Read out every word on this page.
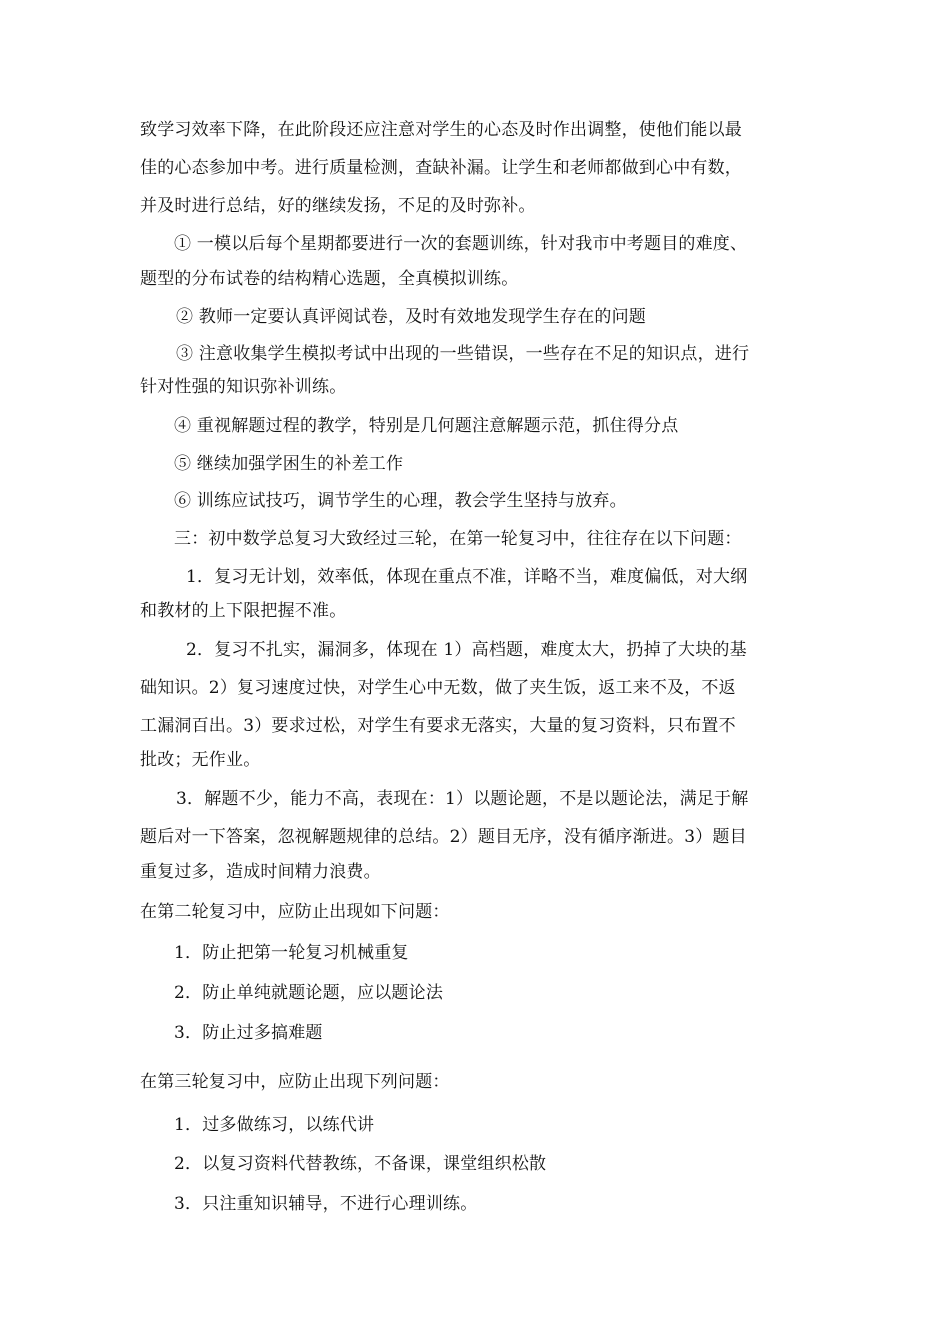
致学习效率下降，在此阶段还应注意对学生的心态及时作出调整，使他们能以最
佳的心态参加中考。进行质量检测，查缺补漏。让学生和老师都做到心中有数，
并及时进行总结，好的继续发扬，不足的及时弥补。
① 一模以后每个星期都要进行一次的套题训练，针对我市中考题目的难度、
题型的分布试卷的结构精心选题，全真模拟训练。
② 教师一定要认真评阅试卷，及时有效地发现学生存在的问题
③ 注意收集学生模拟考试中出现的一些错误，一些存在不足的知识点，进行
针对性强的知识弥补训练。
④ 重视解题过程的教学，特别是几何题注意解题示范，抓住得分点
⑤ 继续加强学困生的补差工作
⑥ 训练应试技巧，调节学生的心理，教会学生坚持与放弃。
三：初中数学总复习大致经过三轮，在第一轮复习中，往往存在以下问题：
1．复习无计划，效率低，体现在重点不准，详略不当，难度偏低，对大纲
和教材的上下限把握不准。
2．复习不扎实，漏洞多，体现在 1）高档题，难度太大，扔掉了大块的基
础知识。2）复习速度过快，对学生心中无数，做了夹生饭，返工来不及，不返
工漏洞百出。3）要求过松，对学生有要求无落实，大量的复习资料，只布置不
批改；无作业。
3．解题不少，能力不高，表现在：1）以题论题，不是以题论法，满足于解
题后对一下答案，忽视解题规律的总结。2）题目无序，没有循序渐进。3）题目
重复过多，造成时间精力浪费。
在第二轮复习中，应防止出现如下问题：
1．防止把第一轮复习机械重复
2．防止单纯就题论题，应以题论法
3．防止过多搞难题
在第三轮复习中，应防止出现下列问题：
1．过多做练习，以练代讲
2．以复习资料代替教练，不备课，课堂组织松散
3．只注重知识辅导，不进行心理训练。
